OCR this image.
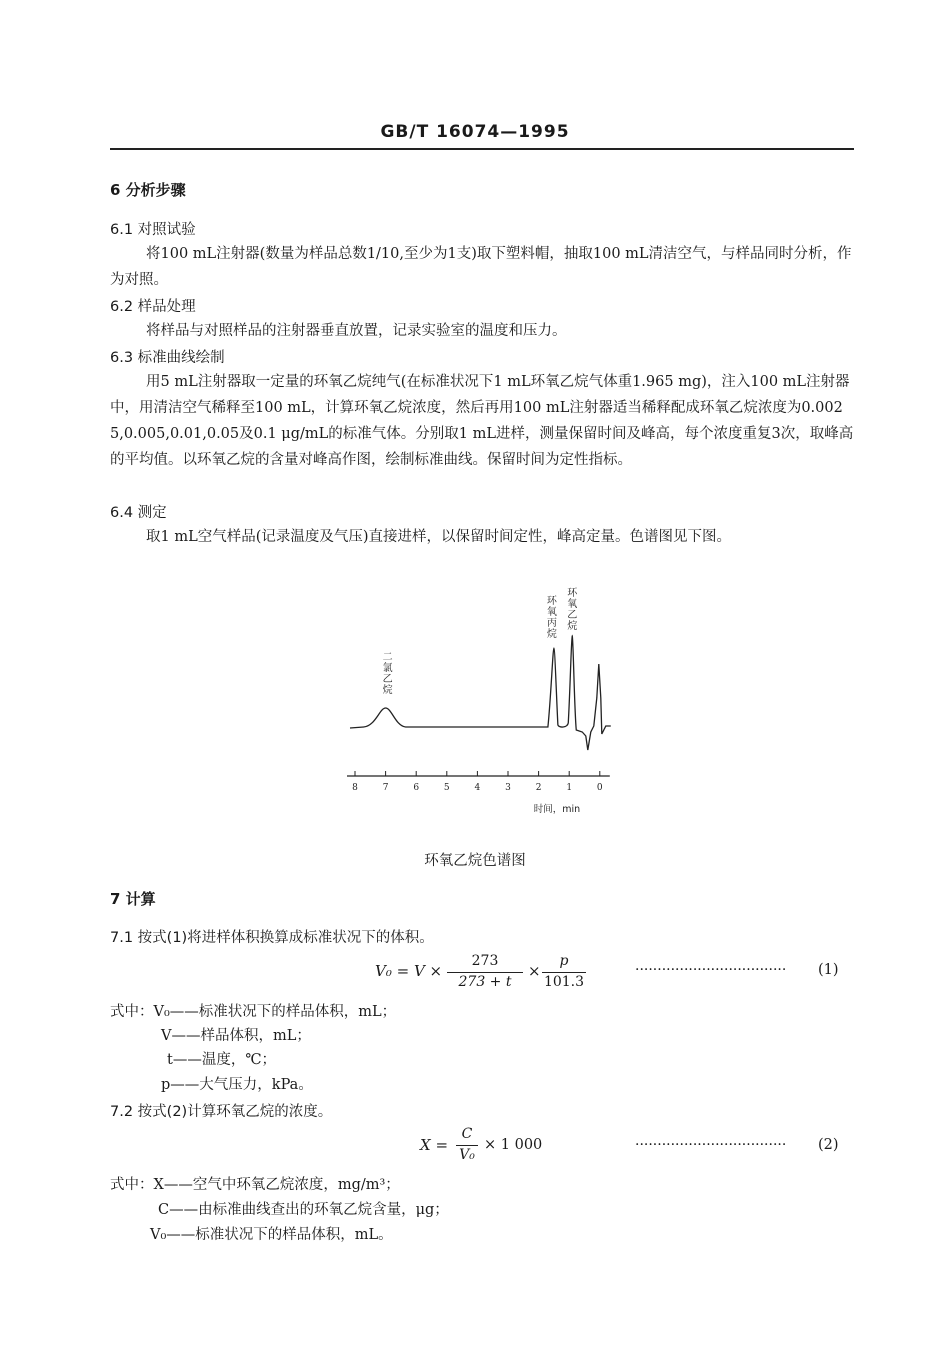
GB/T 16074—1995
6 分析步骤
6.1 对照试验
将100 mL注射器(数量为样品总数1/10,至少为1支)取下塑料帽，抽取100 mL清洁空气，与样品同时分析，作为对照。
6.2 样品处理
将样品与对照样品的注射器垂直放置，记录实验室的温度和压力。
6.3 标准曲线绘制
用5 mL注射器取一定量的环氧乙烷纯气(在标准状况下1 mL环氧乙烷气体重1.965 mg)，注入100 mL注射器中，用清洁空气稀释至100 mL，计算环氧乙烷浓度，然后再用100 mL注射器适当稀释配成环氧乙烷浓度为0.002 5,0.005,0.01,0.05及0.1 μg/mL的标准气体。分别取1 mL进样，测量保留时间及峰高，每个浓度重复3次，取峰高的平均值。以环氧乙烷的含量对峰高作图，绘制标准曲线。保留时间为定性指标。
6.4 测定
取1 mL空气样品(记录温度及气压)直接进样，以保留时间定性，峰高定量。色谱图见下图。
8	7	6	5	4	3	2	1	0
时间，min
二
氯
乙
烷
环
氧
丙
烷
环
氧
乙
烷
环氧乙烷色谱图
7 计算
7.1 按式(1)将进样体积换算成标准状况下的体积。
V₀ = V ×
273
273 + t
×
p
101.3
·································· (1)
式中：V₀——标准状况下的样品体积，mL；
V——样品体积，mL；
t——温度，℃；
p——大气压力，kPa。
7.2 按式(2)计算环氧乙烷的浓度。
X =
C
V₀
× 1 000	·································· (2)
式中：X——空气中环氧乙烷浓度，mg/m³；
C——由标准曲线查出的环氧乙烷含量，μg；
V₀——标准状况下的样品体积，mL。
